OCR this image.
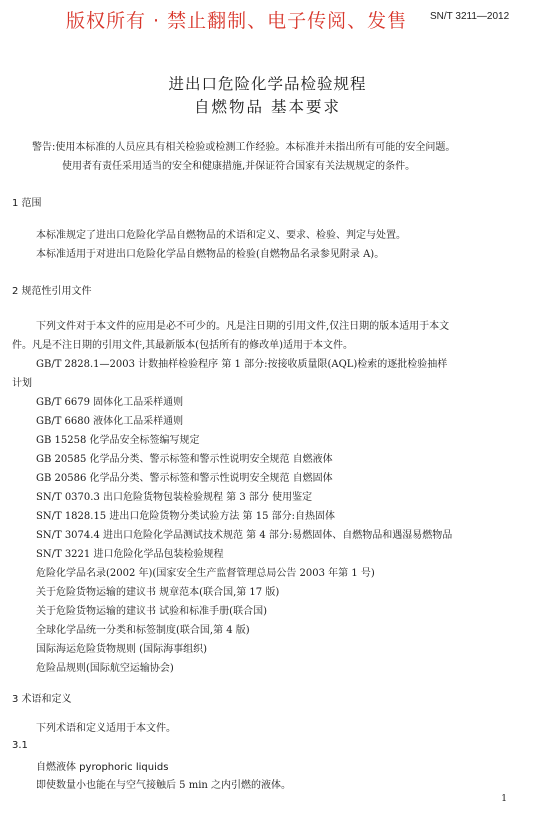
版权所有 · 禁止翻制、电子传阅、发售 SN/T 3211—2012
进出口危险化学品检验规程
自燃物品 基本要求
警告:使用本标准的人员应具有相关检验或检测工作经验。本标准并未指出所有可能的安全问题。
使用者有责任采用适当的安全和健康措施,并保证符合国家有关法规规定的条件。
1 范围
本标准规定了进出口危险化学品自燃物品的术语和定义、要求、检验、判定与处置。
本标准适用于对进出口危险化学品自燃物品的检验(自燃物品名录参见附录 A)。
2 规范性引用文件
下列文件对于本文件的应用是必不可少的。凡是注日期的引用文件,仅注日期的版本适用于本文
件。凡是不注日期的引用文件,其最新版本(包括所有的修改单)适用于本文件。
GB/T 2828.1—2003 计数抽样检验程序 第 1 部分:按接收质量限(AQL)检索的逐批检验抽样
计划
GB/T 6679 固体化工品采样通则
GB/T 6680 液体化工品采样通则
GB 15258 化学品安全标签编写规定
GB 20585 化学品分类、警示标签和警示性说明安全规范 自燃液体
GB 20586 化学品分类、警示标签和警示性说明安全规范 自燃固体
SN/T 0370.3 出口危险货物包装检验规程 第 3 部分 使用鉴定
SN/T 1828.15 进出口危险货物分类试验方法 第 15 部分:自热固体
SN/T 3074.4 进出口危险化学品测试技术规范 第 4 部分:易燃固体、自燃物品和遇湿易燃物品
SN/T 3221 进口危险化学品包装检验规程
危险化学品名录(2002 年)(国家安全生产监督管理总局公告 2003 年第 1 号)
关于危险货物运输的建议书 规章范本(联合国,第 17 版)
关于危险货物运输的建议书 试验和标准手册(联合国)
全球化学品统一分类和标签制度(联合国,第 4 版)
国际海运危险货物规则 (国际海事组织)
危险品规则(国际航空运输协会)
3 术语和定义
下列术语和定义适用于本文件。
3.1
自燃液体 pyrophoric liquids
即使数量小也能在与空气接触后 5 min 之内引燃的液体。
1
